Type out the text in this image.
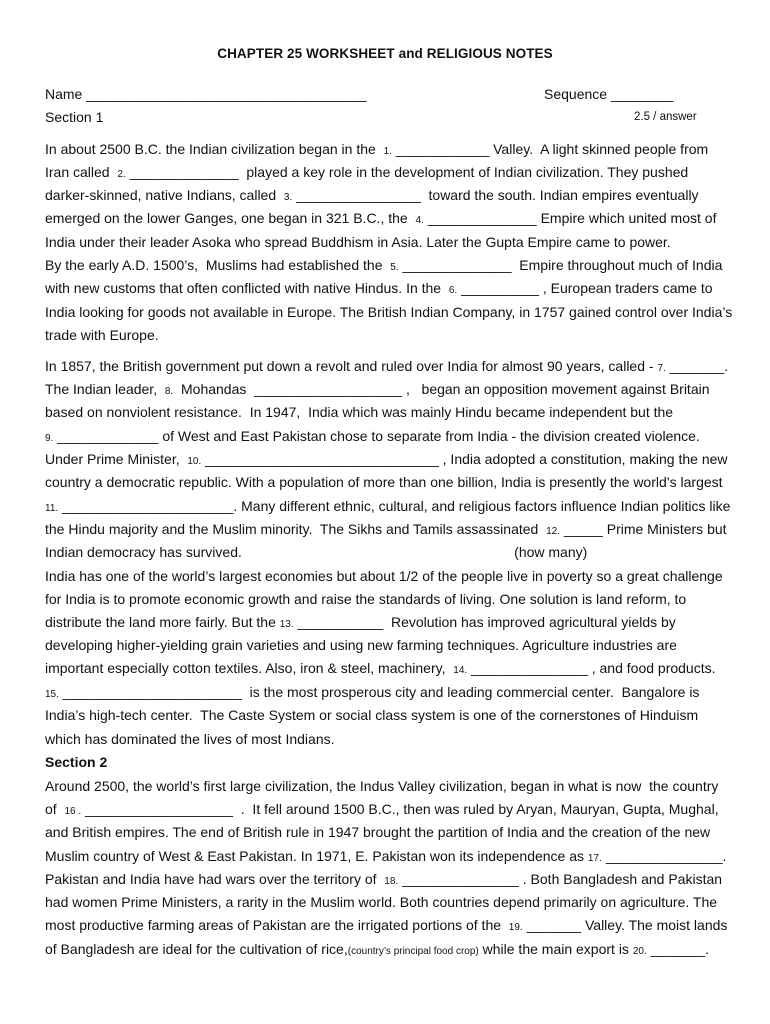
CHAPTER 25 WORKSHEET and RELIGIOUS NOTES
Name ____________________________________	Sequence ________
Section 1	2.5 / answer
In about 2500 B.C. the Indian civilization began in the  1. ____________ Valley.  A light skinned people from
Iran called  2. ______________  played a key role in the development of Indian civilization. They pushed
darker-skinned, native Indians, called  3. ________________  toward the south. Indian empires eventually
emerged on the lower Ganges, one began in 321 B.C., the  4. ______________ Empire which united most of
India under their leader Asoka who spread Buddhism in Asia. Later the Gupta Empire came to power.
By the early A.D. 1500’s,  Muslims had established the  5. ______________  Empire throughout much of India
with new customs that often conflicted with native Hindus. In the  6. __________ , European traders came to
India looking for goods not available in Europe. The British Indian Company, in 1757 gained control over India’s
trade with Europe.
In 1857, the British government put down a revolt and ruled over India for almost 90 years, called - 7. _______.
The Indian leader,  8.  Mohandas  ___________________ ,   began an opposition movement against Britain
based on nonviolent resistance.  In 1947,  India which was mainly Hindu became independent but the
9. _____________ of West and East Pakistan chose to separate from India - the division created violence.
Under Prime Minister,  10. ______________________________ , India adopted a constitution, making the new
country a democratic republic. With a population of more than one billion, India is presently the world’s largest
11. ______________________. Many different ethnic, cultural, and religious factors influence Indian politics like
the Hindu majority and the Muslim minority.  The Sikhs and Tamils assassinated  12. _____ Prime Ministers but
Indian democracy has survived.                                                                      (how many)
India has one of the world’s largest economies but about 1/2 of the people live in poverty so a great challenge
for India is to promote economic growth and raise the standards of living. One solution is land reform, to
distribute the land more fairly. But the 13. ___________  Revolution has improved agricultural yields by
developing higher-yielding grain varieties and using new farming techniques. Agriculture industries are
important especially cotton textiles. Also, iron & steel, machinery,  14. _______________ , and food products.
15. _______________________  is the most prosperous city and leading commercial center.  Bangalore is
India’s high-tech center.  The Caste System or social class system is one of the cornerstones of Hinduism
which has dominated the lives of most Indians.
Section 2
Around 2500, the world’s first large civilization, the Indus Valley civilization, began in what is now  the country
of  16 . ___________________  .  It fell around 1500 B.C., then was ruled by Aryan, Mauryan, Gupta, Mughal,
and British empires. The end of British rule in 1947 brought the partition of India and the creation of the new
Muslim country of West & East Pakistan. In 1971, E. Pakistan won its independence as 17. _______________.
Pakistan and India have had wars over the territory of  18. _______________ . Both Bangladesh and Pakistan
had women Prime Ministers, a rarity in the Muslim world. Both countries depend primarily on agriculture. The
most productive farming areas of Pakistan are the irrigated portions of the  19. _______ Valley. The moist lands
of Bangladesh are ideal for the cultivation of rice,(country’s principal food crop) while the main export is 20. _______.
